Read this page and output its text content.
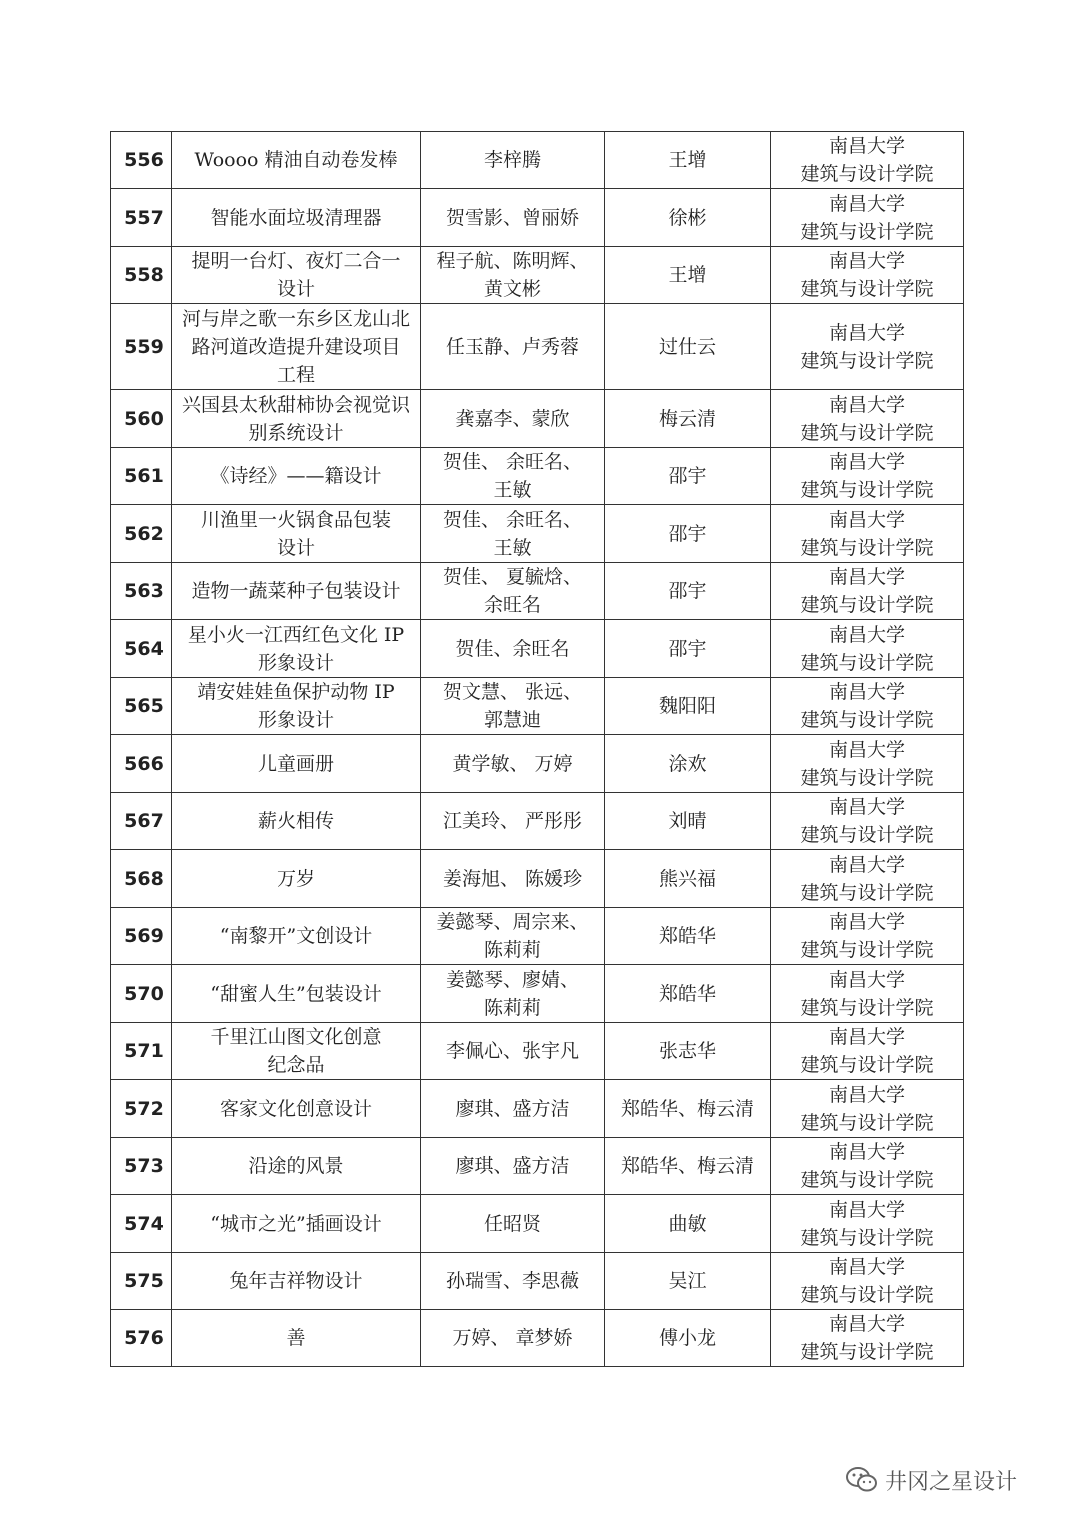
556	Woooo 精油自动卷发棒	李梓腾	王增	南昌大学
建筑与设计学院

557	智能水面垃圾清理器	贺雪影、曾丽娇	徐彬	南昌大学
建筑与设计学院

558	提明一台灯、夜灯二合一
设计	程子航、陈明辉、
黄文彬	王增	南昌大学
建筑与设计学院

559	河与岸之歌一东乡区龙山北
路河道改造提升建设项目
工程	任玉静、卢秀蓉	过仕云	南昌大学
建筑与设计学院

560	兴国县太秋甜柿协会视觉识
别系统设计	龚嘉李、蒙欣	梅云清	南昌大学
建筑与设计学院

561	《诗经》——籍设计	贺佳、 余旺名、
王敏	邵宇	南昌大学
建筑与设计学院

562	川渔里一火锅食品包装
设计	贺佳、 余旺名、
王敏	邵宇	南昌大学
建筑与设计学院

563	造物一蔬菜种子包装设计	贺佳、 夏毓焓、
余旺名	邵宇	南昌大学
建筑与设计学院

564	星小火一江西红色文化 IP
形象设计	贺佳、余旺名	邵宇	南昌大学
建筑与设计学院

565	靖安娃娃鱼保护动物 IP
形象设计	贺文慧、 张远、
郭慧迪	魏阳阳	南昌大学
建筑与设计学院

566	儿童画册	黄学敏、 万婷	涂欢	南昌大学
建筑与设计学院

567	薪火相传	江美玲、 严彤彤	刘晴	南昌大学
建筑与设计学院

568	万岁	姜海旭、 陈媛珍	熊兴福	南昌大学
建筑与设计学院

569	“南黎开”文创设计	姜懿琴、周宗来、
陈莉莉	郑皓华	南昌大学
建筑与设计学院

570	“甜蜜人生”包装设计	姜懿琴、廖婧、
陈莉莉	郑皓华	南昌大学
建筑与设计学院

571	千里江山图文化创意
纪念品	李佩心、张宇凡	张志华	南昌大学
建筑与设计学院

572	客家文化创意设计	廖琪、盛方洁	郑皓华、梅云清	南昌大学
建筑与设计学院

573	沿途的风景	廖琪、盛方洁	郑皓华、梅云清	南昌大学
建筑与设计学院

574	“城市之光”插画设计	任昭贤	曲敏	南昌大学
建筑与设计学院

575	兔年吉祥物设计	孙瑞雪、李思薇	吴江	南昌大学
建筑与设计学院

576	善	万婷、 章梦娇	傅小龙	南昌大学
建筑与设计学院
井冈之星设计
